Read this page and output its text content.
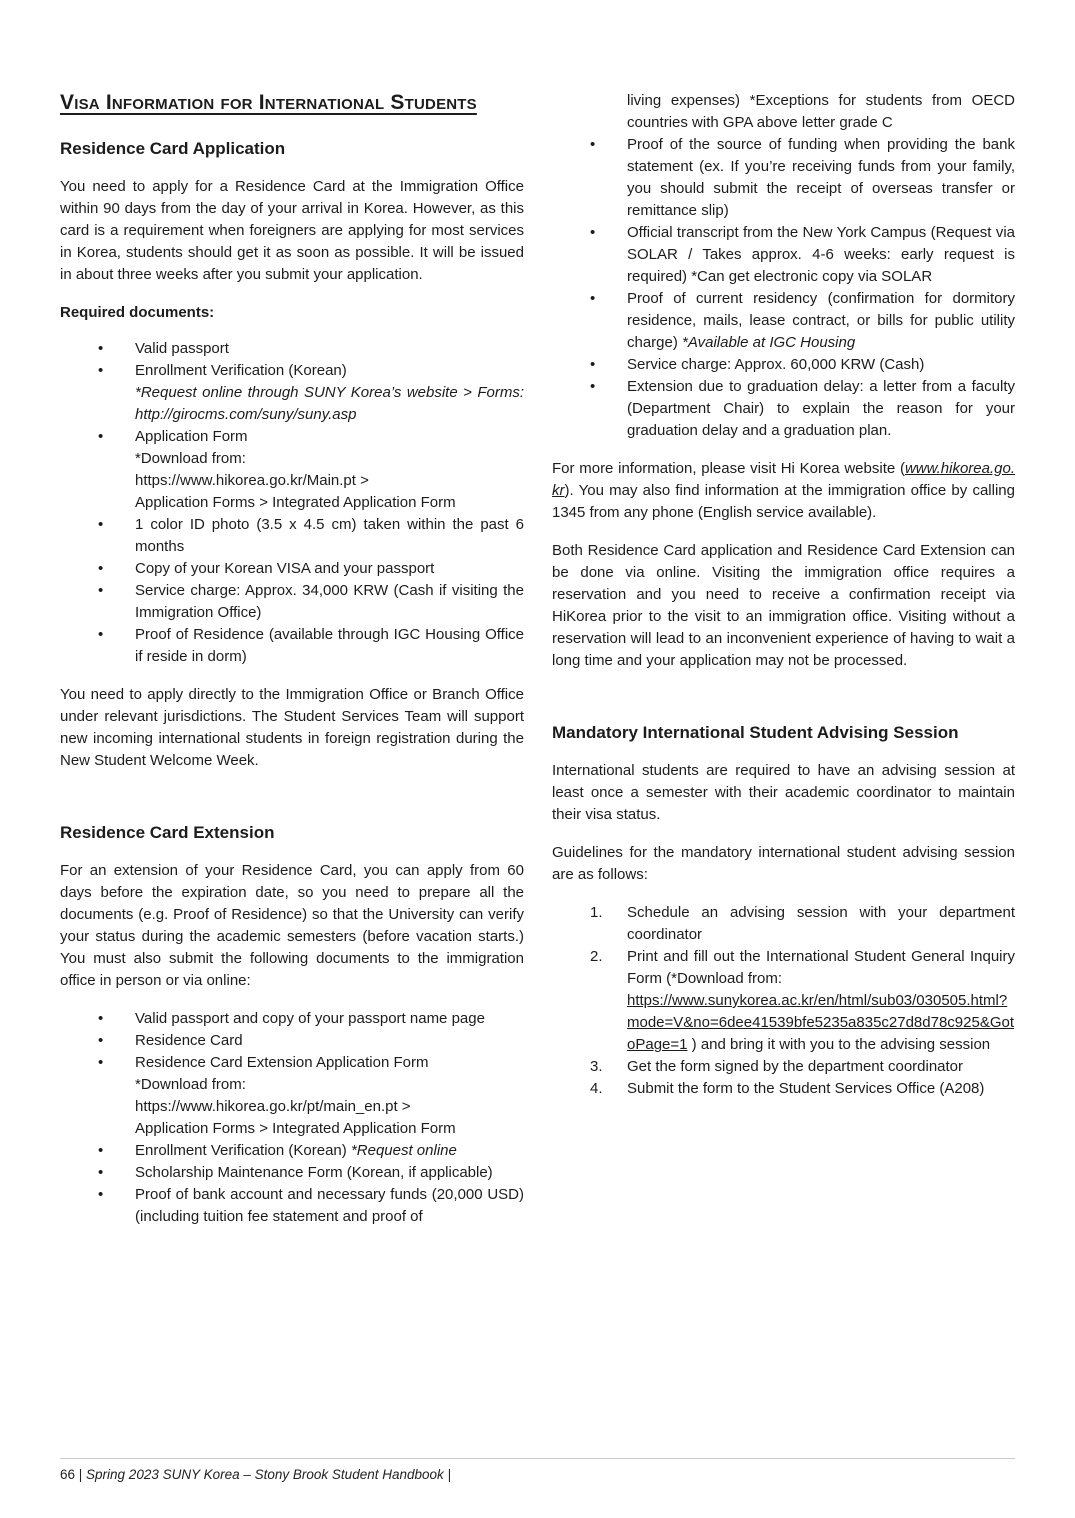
Visa Information for International Students
Residence Card Application

You need to apply for a Residence Card at the Immigration Office within 90 days from the day of your arrival in Korea. However, as this card is a requirement when foreigners are applying for most services in Korea, students should get it as soon as possible. It will be issued in about three weeks after you submit your application.

Required documents:
•	Valid passport
•	Enrollment Verification (Korean)
*Request online through SUNY Korea’s website > Forms: http://girocms.com/suny/suny.asp
•	Application Form
*Download from:
https://www.hikorea.go.kr/Main.pt >
Application Forms > Integrated Application Form
•	1 color ID photo (3.5 x 4.5 cm) taken within the past 6 months
•	Copy of your Korean VISA and your passport
•	Service charge: Approx. 34,000 KRW (Cash if visiting the Immigration Office)
•	Proof of Residence (available through IGC Housing Office if reside in dorm)

You need to apply directly to the Immigration Office or Branch Office under relevant jurisdictions. The Student Services Team will support new incoming international students in foreign registration during the New Student Welcome Week.

Residence Card Extension

For an extension of your Residence Card, you can apply from 60 days before the expiration date, so you need to prepare all the documents (e.g. Proof of Residence) so that the University can verify your status during the academic semesters (before vacation starts.) You must also submit the following documents to the immigration office in person or via online:

•	Valid passport and copy of your passport name page
•	Residence Card
•	Residence Card Extension Application Form
*Download from:
https://www.hikorea.go.kr/pt/main_en.pt >
Application Forms > Integrated Application Form
•	Enrollment Verification (Korean) *Request online
•	Scholarship Maintenance Form (Korean, if applicable)
•	Proof of bank account and necessary funds (20,000 USD) (including tuition fee statement and proof of
living expenses) *Exceptions for students from OECD countries with GPA above letter grade C
•	Proof of the source of funding when providing the bank statement (ex. If you’re receiving funds from your family, you should submit the receipt of overseas transfer or remittance slip)
•	Official transcript from the New York Campus (Request via SOLAR / Takes approx. 4-6 weeks: early request is required) *Can get electronic copy via SOLAR
•	Proof of current residency (confirmation for dormitory residence, mails, lease contract, or bills for public utility charge) *Available at IGC Housing
•	Service charge: Approx. 60,000 KRW (Cash)
•	Extension due to graduation delay: a letter from a faculty (Department Chair) to explain the reason for your graduation delay and a graduation plan.

For more information, please visit Hi Korea website (www.hikorea.go.kr). You may also find information at the immigration office by calling 1345 from any phone (English service available).

Both Residence Card application and Residence Card Extension can be done via online. Visiting the immigration office requires a reservation and you need to receive a confirmation receipt via HiKorea prior to the visit to an immigration office. Visiting without a reservation will lead to an inconvenient experience of having to wait a long time and your application may not be processed.

Mandatory International Student Advising Session

International students are required to have an advising session at least once a semester with their academic coordinator to maintain their visa status.

Guidelines for the mandatory international student advising session are as follows:

1.	Schedule an advising session with your department coordinator
2.	Print and fill out the International Student General Inquiry Form (*Download from:
https://www.sunykorea.ac.kr/en/html/sub03/030505.html?mode=V&no=6dee41539bfe5235a835c27d8d78c925&GotoPage=1 ) and bring it with you to the advising session
3.	Get the form signed by the department coordinator
4.	Submit the form to the Student Services Office (A208)
66 | Spring 2023 SUNY Korea – Stony Brook Student Handbook |
